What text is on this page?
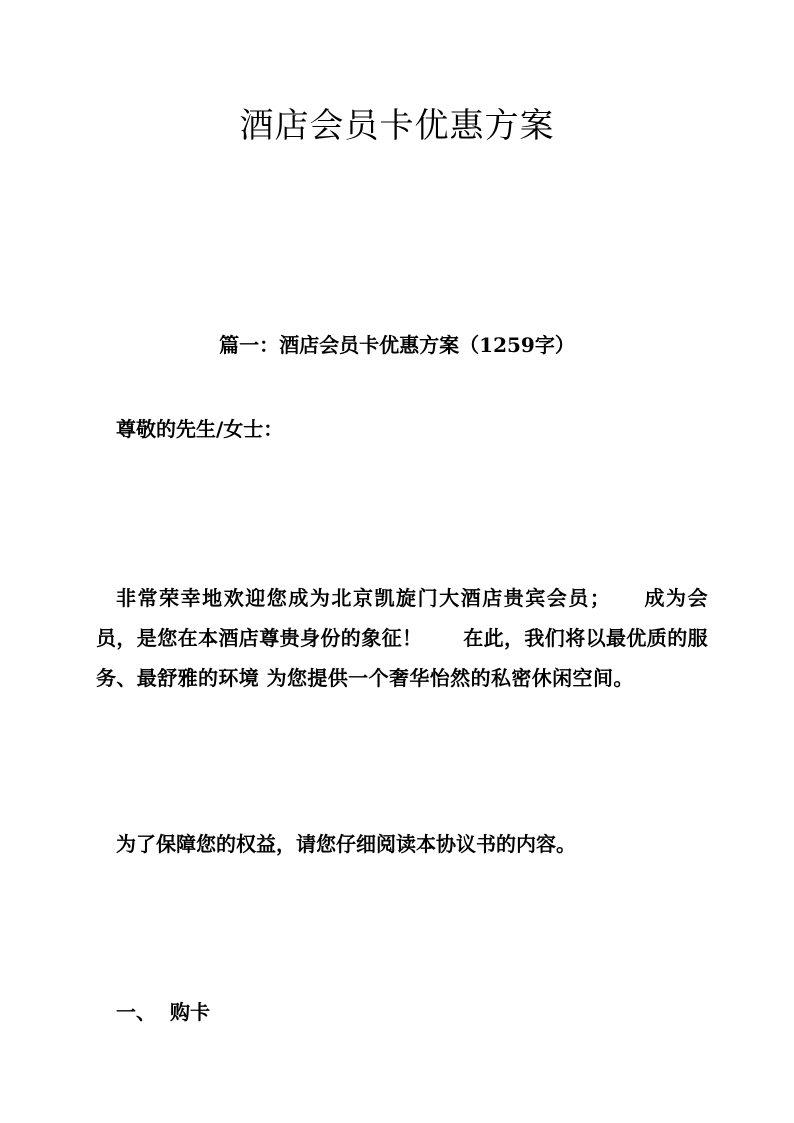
酒店会员卡优惠方案
篇一：酒店会员卡优惠方案（1259字）

尊敬的先生/女士：

非常荣幸地欢迎您成为北京凯旋门大酒店贵宾会员；　　成为会员，是您在本酒店尊贵身份的象征！　　在此，我们将以最优质的服务、最舒雅的环境 为您提供一个奢华怡然的私密休闲空间。

为了保障您的权益，请您仔细阅读本协议书的内容。

一、 购卡
